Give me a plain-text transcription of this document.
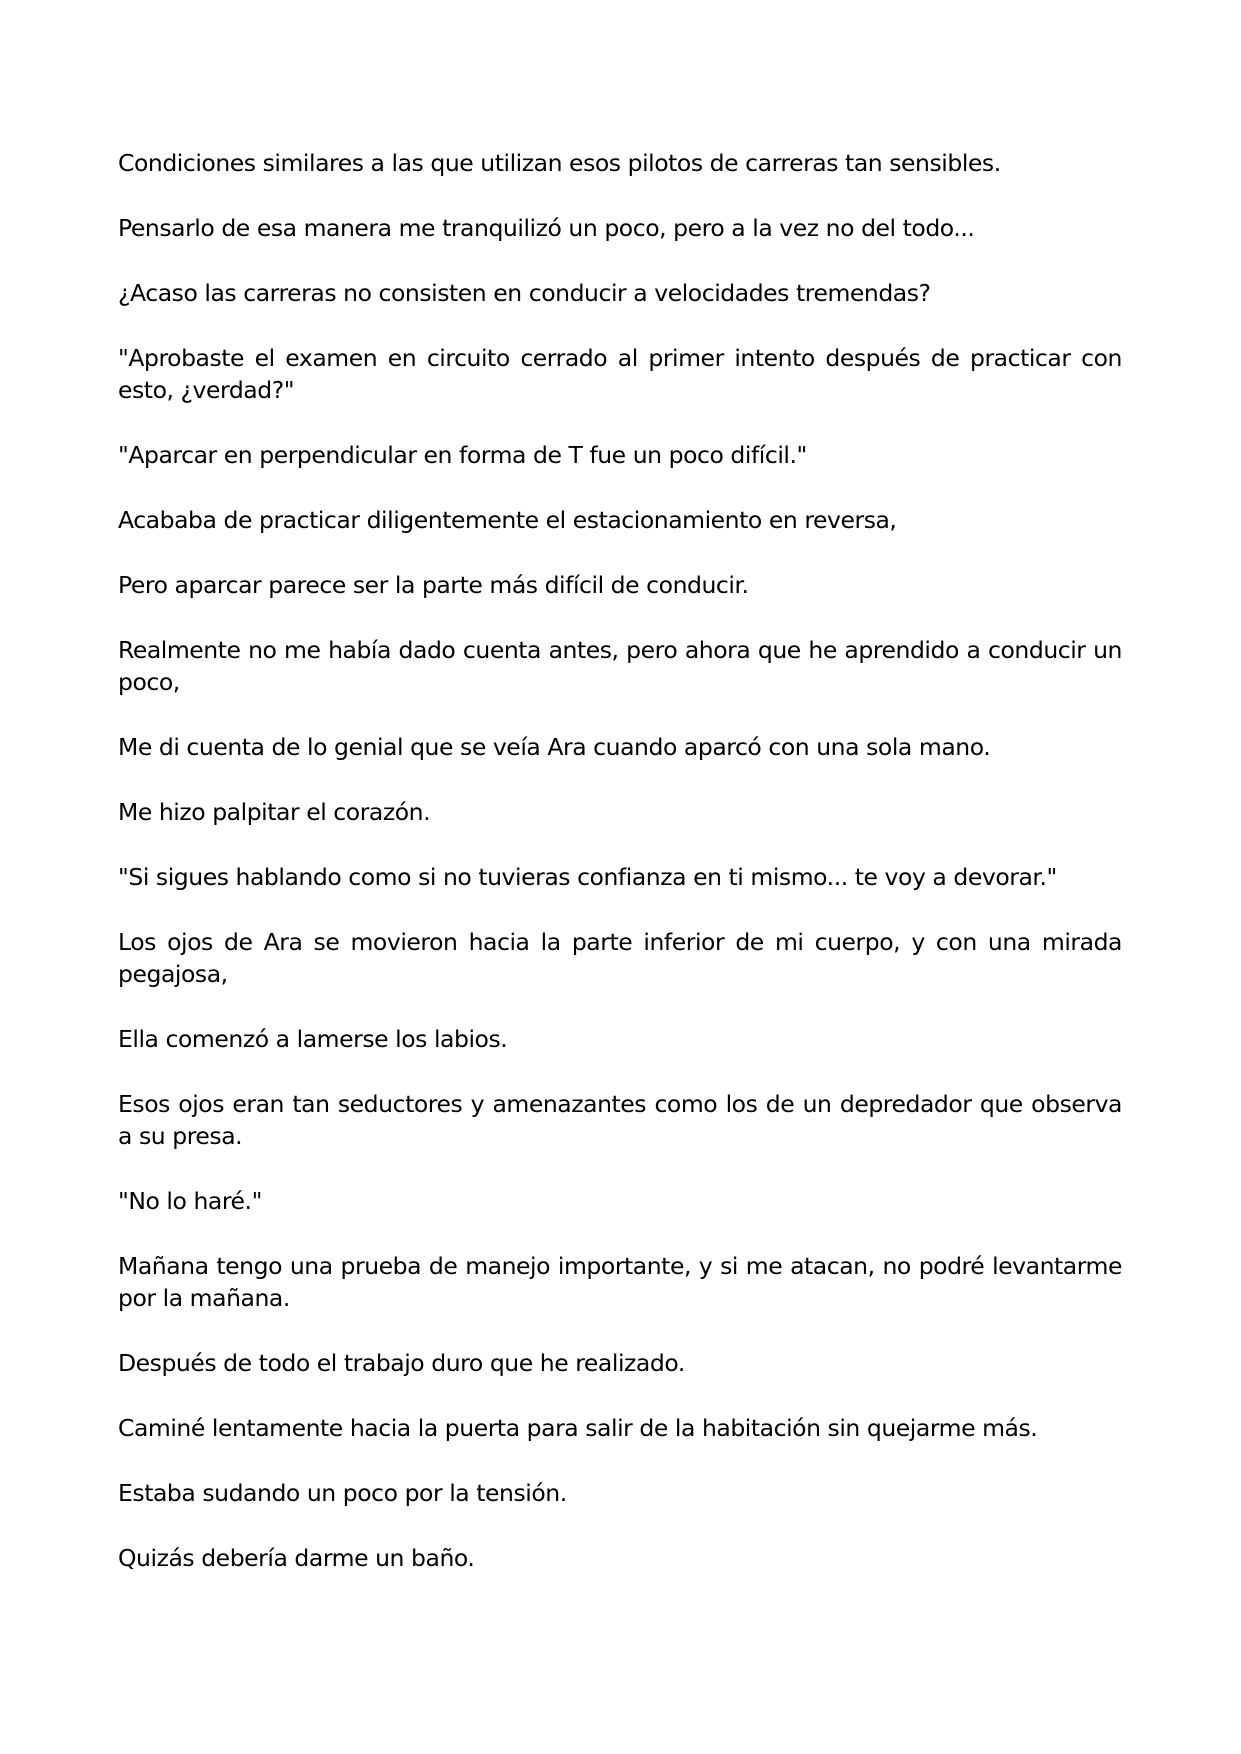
Condiciones similares a las que utilizan esos pilotos de carreras tan sensibles.

Pensarlo de esa manera me tranquilizó un poco, pero a la vez no del todo...

¿Acaso las carreras no consisten en conducir a velocidades tremendas?

"Aprobaste el examen en circuito cerrado al primer intento después de practicar con esto, ¿verdad?"

"Aparcar en perpendicular en forma de T fue un poco difícil."

Acababa de practicar diligentemente el estacionamiento en reversa,

Pero aparcar parece ser la parte más difícil de conducir.

Realmente no me había dado cuenta antes, pero ahora que he aprendido a conducir un poco,

Me di cuenta de lo genial que se veía Ara cuando aparcó con una sola mano.

Me hizo palpitar el corazón.

"Si sigues hablando como si no tuvieras confianza en ti mismo... te voy a devorar."

Los ojos de Ara se movieron hacia la parte inferior de mi cuerpo, y con una mirada pegajosa,

Ella comenzó a lamerse los labios.

Esos ojos eran tan seductores y amenazantes como los de un depredador que observa a su presa.

"No lo haré."

Mañana tengo una prueba de manejo importante, y si me atacan, no podré levantarme por la mañana.

Después de todo el trabajo duro que he realizado.

Caminé lentamente hacia la puerta para salir de la habitación sin quejarme más.

Estaba sudando un poco por la tensión.

Quizás debería darme un baño.
